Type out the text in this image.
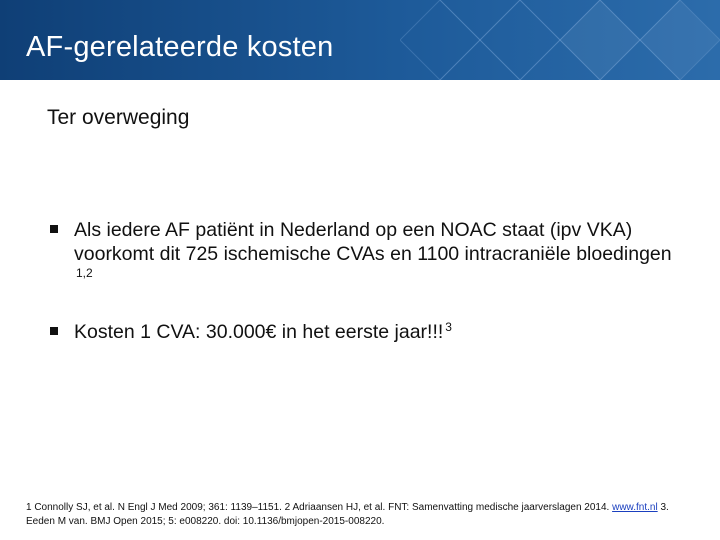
AF-gerelateerde kosten
Ter overweging
Als iedere AF patiënt in Nederland op een NOAC staat (ipv VKA) voorkomt dit 725 ischemische CVAs en 1100 intracraniële bloedingen $^{1,2}$
Kosten 1 CVA: 30.000€ in het eerste jaar!!! $^3$
1 Connolly SJ, et al. N Engl J Med 2009; 361: 1139–1151. 2 Adriaansen HJ, et al. FNT: Samenvatting medische jaarverslagen 2014. www.fnt.nl 3. Eeden M van. BMJ Open 2015; 5: e008220. doi: 10.1136/bmjopen-2015-008220.
